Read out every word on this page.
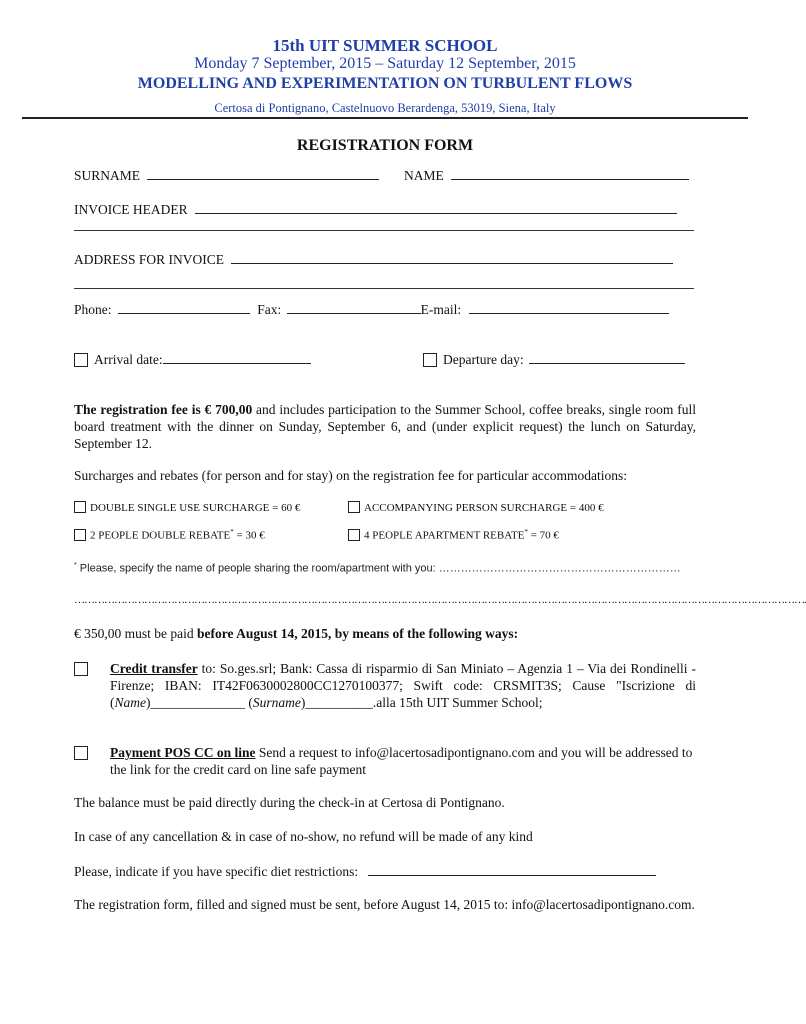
15th UIT SUMMER SCHOOL
Monday 7 September, 2015 – Saturday 12 September, 2015
MODELLING AND EXPERIMENTATION ON TURBULENT FLOWS
Certosa di Pontignano, Castelnuovo Berardenga, 53019, Siena, Italy
REGISTRATION FORM
SURNAME	NAME
INVOICE HEADER
ADDRESS FOR INVOICE
Phone:	Fax:	E-mail:
Arrival date:	Departure day:
The registration fee is € 700,00 and includes participation to the Summer School, coffee breaks, single room full board treatment with the dinner on Sunday, September 6, and (under explicit request) the lunch on Saturday, September 12.
Surcharges and rebates (for person and for stay) on the registration fee for particular accommodations:
DOUBLE SINGLE USE SURCHARGE = 60 €	ACCOMPANYING PERSON SURCHARGE = 400 €
2 PEOPLE DOUBLE REBATE* = 30 €	4 PEOPLE APARTMENT REBATE* = 70 €
* Please, specify the name of people sharing the room/apartment with you: …………………………………………………………
………………………………………………………………………………………………………………………………………………………………………………………………….
€ 350,00 must be paid before August 14, 2015, by means of the following ways:
Credit transfer to: So.ges.srl; Bank: Cassa di risparmio di San Miniato – Agenzia 1 – Via dei Rondinelli - Firenze; IBAN: IT42F0630002800CC1270100377; Swift code: CRSMIT3S; Cause "Iscrizione di (Name)______________ (Surname)__________.alla 15th UIT Summer School;
Payment POS CC on line Send a request to info@lacertosadipontignano.com and you will be addressed to the link for the credit card on line safe payment
The balance must be paid directly during the check-in at Certosa di Pontignano.
In case of any cancellation & in case of no-show, no refund will be made of any kind
Please, indicate if you have specific diet restrictions:
The registration form, filled and signed must be sent, before August 14, 2015 to: info@lacertosadipontignano.com.
